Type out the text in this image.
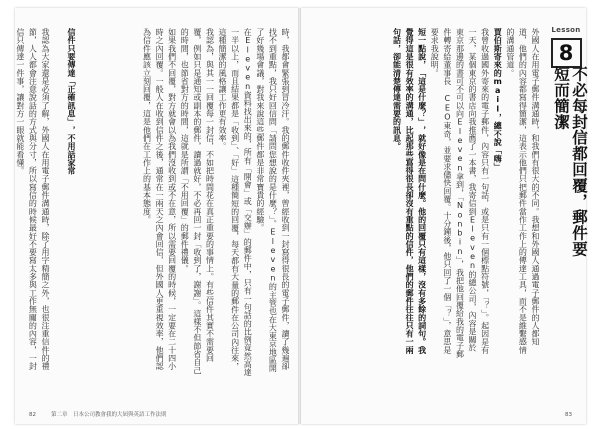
時，我都會緊張到冒冷汗。我的郵件收件夾裡，曾經收到一封寫得很長的電子郵件，讀了幾遍卻找不到重點，我只好回信問「請問您想說的是什麼？」。Eleven的主管也在大東京地區開了好幾場會議，對我來說這些郵件都是非常寶貴的經驗。

在Eleven資料找出來的，所有「開會」或「交辦」的郵件中，只有一句話的比例竟然高達一半以上，而且結果都是「收到」、「好」這種簡短的回覆，每天都有大量的郵件在公司內往來，這種簡潔的風格讓工作更有效率。

我認為，與其一一回覆每一封信，不如把時間花在真正重要的事情上。有些信件其實不需要回覆，例如只是通知或副本的郵件，讀過就好，不必再回一封「收到了，謝謝」。這樣不但節省自己的時間，也節省對方的時間，這就是所謂「不用回覆」的郵件禮儀。

如果我們不回覆，對方就會以為我們沒收到或不在意，所以需要回覆的時候，一定要在二十四小時之內回覆。一般人在收到信件之後，通常在一兩天之內會回信，但外國人更重視效率，他們認為信件應該立刻回覆，這是他們在工作上的基本態度。

信件只要傳達「正確訊息」，不用話家常

我認為大家還是必須了解，外國人在用電子郵件溝通時，除了用字精簡之外，也很注重信件的禮節，人人都會注意說話的方式與分寸，所以寫信的時候最好不要寫太多與工作無關的內容，一封信只傳達一件事，讓對方一眼就能看懂。

82	第二章　日本公司教會我的大屆與英語工作法則
Lesson
8
不必每封信都回覆，郵件要短而簡潔

外國人在用電子郵件溝通時，和我們有很大的不同。我想和外國人通過電子郵件的人都知道，他們的內容都寫得簡潔，這表示他們只把郵件當作工作上的傳達工具，而不是維繫感情的溝通管道。

賈伯斯寄來的mail，總不說「嗨」

我曾收過國外寄來的電子郵件，內容只有一句話，或是只有一個標點符號，「？」。起因是有一天，某個東京的書店向我推薦了一本書，我寄信到Eleven的總公司，內容是關於東京那邊的書可不可以向Eleven拿到，「Nonbin」，我把他回覆給我的電子郵件轉寄給董事長 CEO東奇，並要求儘快回覆。十分鐘後，他只回了一個「？」，意思是要求我說明。

短一點說，「這是什麼？」，就好像是在問什麼。他的回覆只有這樣，沒有多餘的詞句。我覺得這是很有效率的溝通，比起那些寫得很長卻沒有重點的信件，他們的郵件往往只有一兩句話，卻能清楚傳達需要的訊息。

83
